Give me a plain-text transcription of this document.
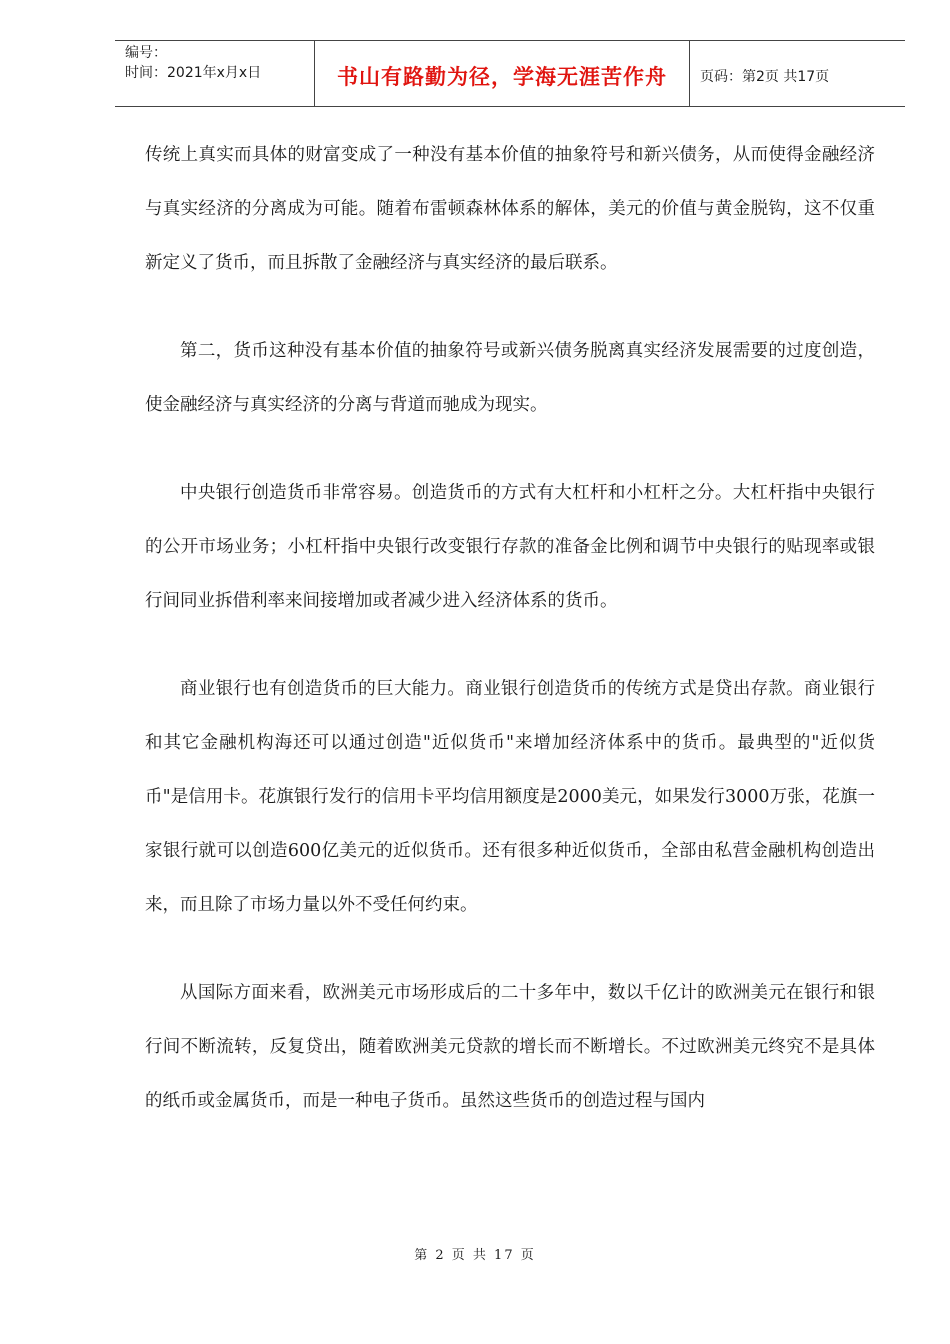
编号：
时间：2021年x月x日	书山有路勤为径，学海无涯苦作舟	页码：第2页 共17页

传统上真实而具体的财富变成了一种没有基本价值的抽象符号和新兴债务，从而使得金融经济与真实经济的分离成为可能。随着布雷顿森林体系的解体，美元的价值与黄金脱钩，这不仅重新定义了货币，而且拆散了金融经济与真实经济的最后联系。

第二，货币这种没有基本价值的抽象符号或新兴债务脱离真实经济发展需要的过度创造，使金融经济与真实经济的分离与背道而驰成为现实。

中央银行创造货币非常容易。创造货币的方式有大杠杆和小杠杆之分。大杠杆指中央银行的公开市场业务；小杠杆指中央银行改变银行存款的准备金比例和调节中央银行的贴现率或银行间同业拆借利率来间接增加或者减少进入经济体系的货币。

商业银行也有创造货币的巨大能力。商业银行创造货币的传统方式是贷出存款。商业银行和其它金融机构海还可以通过创造"近似货币"来增加经济体系中的货币。最典型的"近似货币"是信用卡。花旗银行发行的信用卡平均信用额度是2000美元，如果发行3000万张，花旗一家银行就可以创造600亿美元的近似货币。还有很多种近似货币，全部由私营金融机构创造出来，而且除了市场力量以外不受任何约束。

从国际方面来看，欧洲美元市场形成后的二十多年中，数以千亿计的欧洲美元在银行和银行间不断流转，反复贷出，随着欧洲美元贷款的增长而不断增长。不过欧洲美元终究不是具体的纸币或金属货币，而是一种电子货币。虽然这些货币的创造过程与国内

第 2 页 共 17 页
